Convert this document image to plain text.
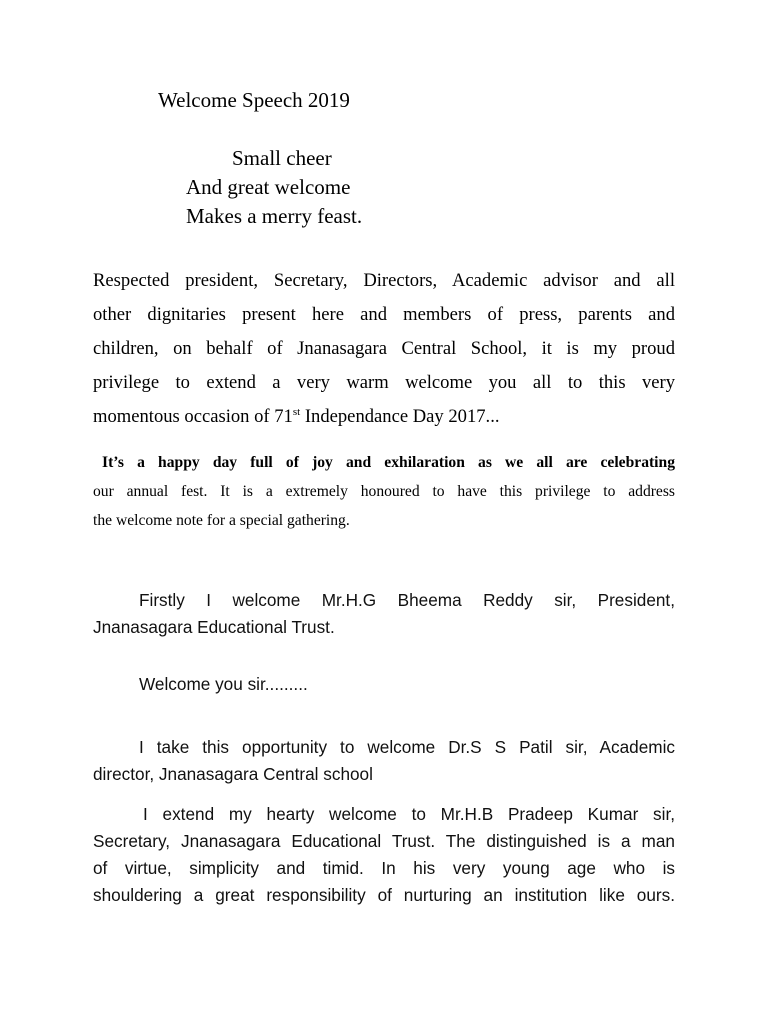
Welcome Speech 2019
Small cheer
And great welcome
Makes a merry feast.
Respected president, Secretary, Directors, Academic advisor and all
other dignitaries present here and members of press, parents and
children, on behalf of Jnanasagara Central School, it is my proud
privilege to extend a very warm welcome you all to this very
momentous occasion of 71st Independance Day 2017...
It’s a happy day full of joy and exhilaration as we all are celebrating
our annual fest. It is a extremely honoured to have this privilege to address
the welcome note for a special gathering.
Firstly I welcome Mr.H.G Bheema Reddy sir, President,
Jnanasagara Educational Trust.
Welcome you sir.........
I take this opportunity to welcome Dr.S S Patil sir, Academic
director, Jnanasagara Central school
I extend my hearty welcome to Mr.H.B Pradeep Kumar sir,
Secretary, Jnanasagara Educational Trust. The distinguished is a man
of virtue, simplicity and timid. In his very young age who is
shouldering a great responsibility of nurturing an institution like ours.
